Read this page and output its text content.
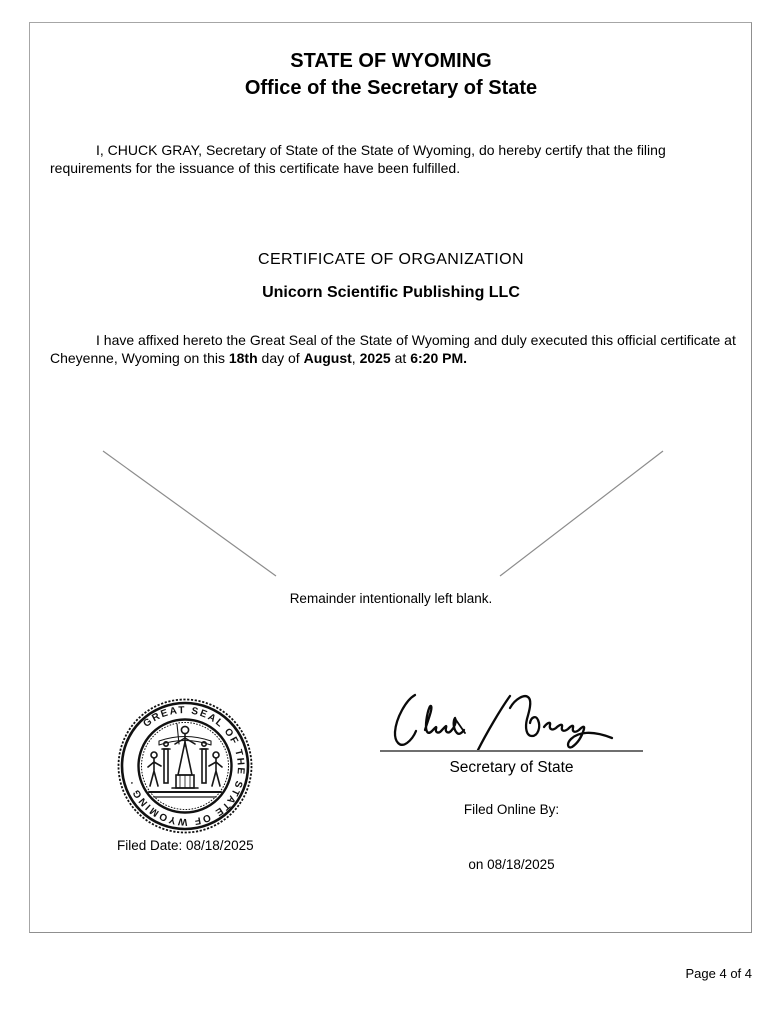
STATE OF WYOMING
Office of the Secretary of State

I, CHUCK GRAY, Secretary of State of the State of Wyoming, do hereby certify that the filing requirements for the issuance of this certificate have been fulfilled.

CERTIFICATE OF ORGANIZATION
Unicorn Scientific Publishing LLC

I have affixed hereto the Great Seal of the State of Wyoming and duly executed this official certificate at Cheyenne, Wyoming on this 18th day of August, 2025 at 6:20 PM.

Remainder intentionally left blank.
GREAT SEAL OF THE STATE OF WYOMING ·
Filed Date: 08/18/2025
Secretary of State
Filed Online By:
on 08/18/2025
Page 4 of 4
